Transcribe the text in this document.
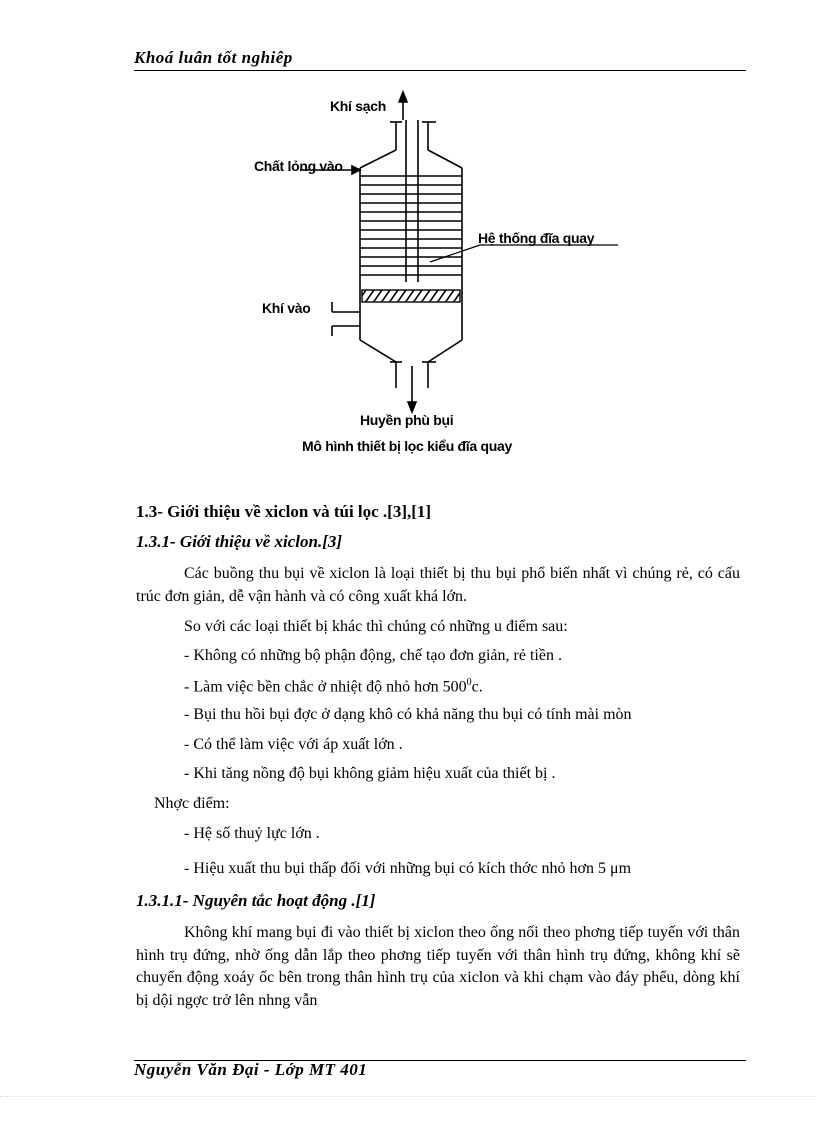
Khoá luân tốt nghiêp
Khí sạch
Chất lỏng vào
Hệ thống đĩa quay
Khí vào
Huyền phù bụi
Mô hình thiết bị lọc kiểu đĩa quay
1.3- Giới thiệu về xiclon và túi lọc .[3],[1]
1.3.1- Giới thiệu về xiclon.[3]
Các buồng thu bụi về xiclon là loại thiết bị thu bụi phổ biến nhất vì chúng rẻ, có cấu trúc đơn giản, dễ vận hành và có công xuất khá lớn.
So với các loại thiết bị khác thì chúng có những u điểm sau:
- Không có những bộ phận động, chế tạo đơn giản, rẻ tiền .
- Làm việc bền chắc ở nhiệt độ nhỏ hơn $500^0c$.
- Bụi thu hồi bụi đợc ở dạng khô có khả năng thu bụi có tính mài mòn
- Có thể làm việc với áp xuất lớn .
- Khi tăng nồng độ bụi không giảm hiệu xuất của thiết bị .
Nhợc điểm:
- Hệ số thuỷ lực lớn .
- Hiệu xuất thu bụi thấp đối với những bụi có kích thớc nhỏ hơn 5 μm
1.3.1.1- Nguyên tắc hoạt động .[1]
Không khí mang bụi đi vào thiết bị xiclon theo ống nối theo phơng tiếp tuyến với thân hình trụ đứng, nhờ ống dẫn lắp theo phơng tiếp tuyến với thân hình trụ đứng, không khí sẽ chuyển động xoáy ốc bên trong thân hình trụ của xiclon và khi chạm vào đáy phểu, dòng khí bị dội ngợc trở lên nhng vẫn
Nguyễn Văn Đại - Lớp MT 401
